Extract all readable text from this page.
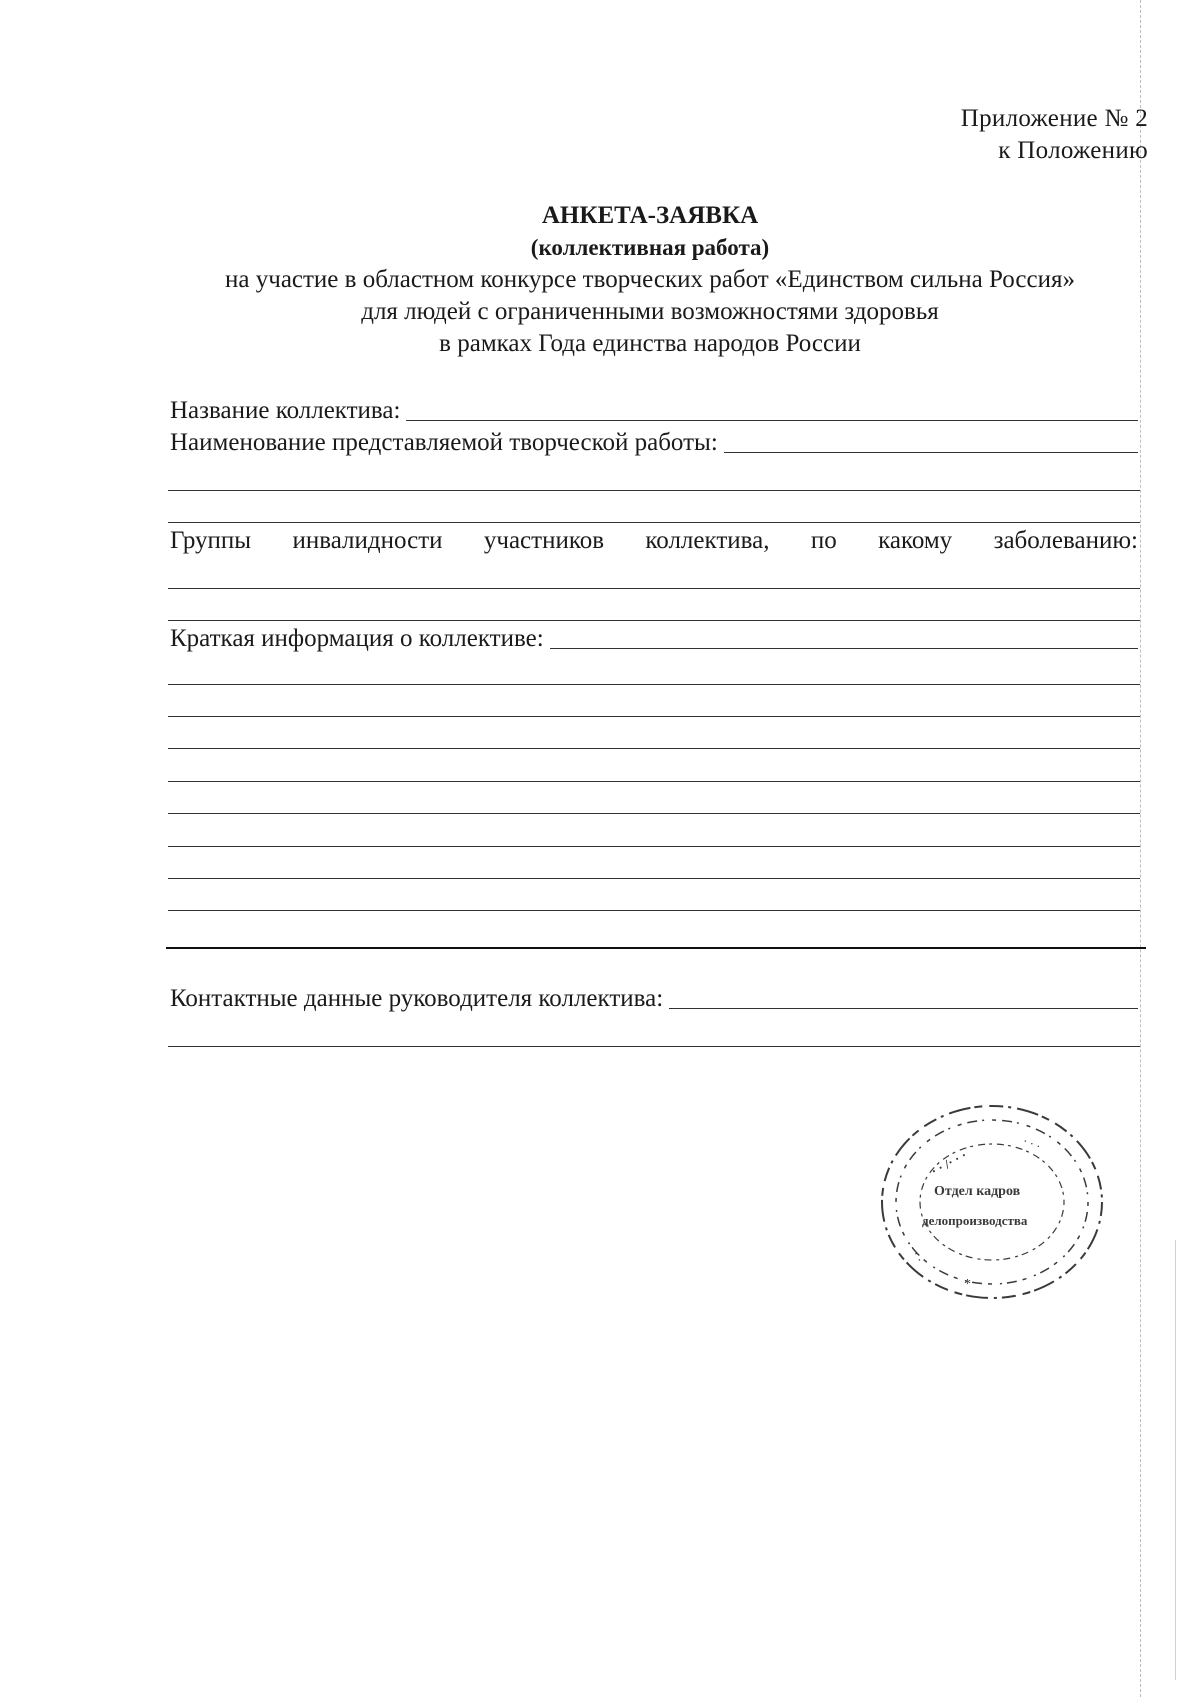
Приложение № 2
к Положению
АНКЕТА-ЗАЯВКА
(коллективная работа)
на участие в областном конкурсе творческих работ «Единством сильна Россия»
для людей с ограниченными возможностями здоровья
в рамках Года единства народов России
Название коллектива:
Наименование представляемой творческой работы:
Группы инвалидности участников коллектива, по какому заболеванию:
Краткая информация о коллективе:
Контактные данные руководителя коллектива:
· · /· · ·
· · ·
*
· · ·
Отдел кадров
делопроизводства
